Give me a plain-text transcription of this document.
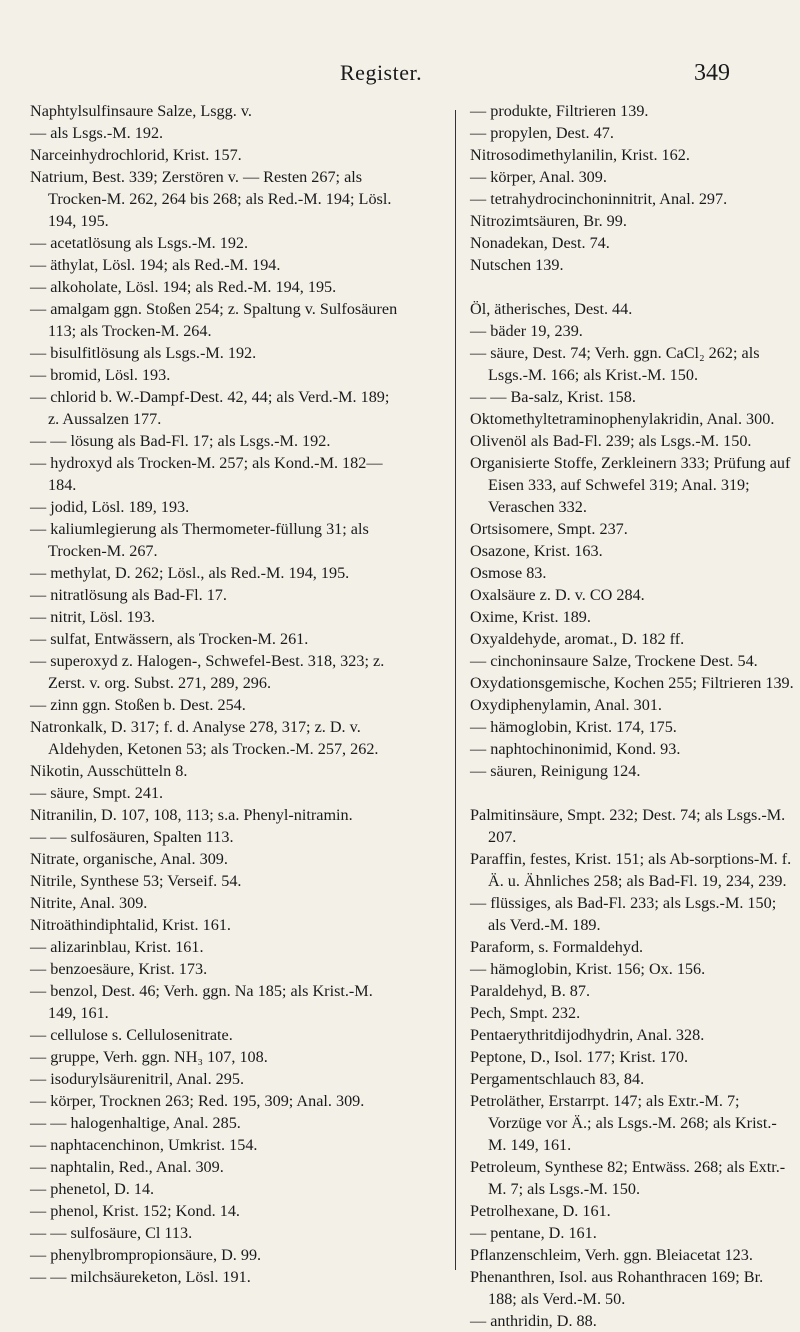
Register.	349

Naphtylsulfinsaure Salze, Lsgg. v.

— als Lsgs.-M. 192.

Narceinhydrochlorid, Krist. 157.

Natrium, Best. 339; Zerstören v. — Resten 267; als Trocken-M. 262, 264 bis 268; als Red.-M. 194; Lösl. 194, 195.

— acetatlösung als Lsgs.-M. 192.

— äthylat, Lösl. 194; als Red.-M. 194.

— alkoholate, Lösl. 194; als Red.-M. 194, 195.

— amalgam ggn. Stoßen 254; z. Spaltung v. Sulfosäuren 113; als Trocken-M. 264.

— bisulfitlösung als Lsgs.-M. 192.

— bromid, Lösl. 193.

— chlorid b. W.-Dampf-Dest. 42, 44; als Verd.-M. 189; z. Aussalzen 177.

— — lösung als Bad-Fl. 17; als Lsgs.-M. 192.

— hydroxyd als Trocken-M. 257; als Kond.-M. 182—184.

— jodid, Lösl. 189, 193.

— kaliumlegierung als Thermometer-füllung 31; als Trocken-M. 267.

— methylat, D. 262; Lösl., als Red.-M. 194, 195.

— nitratlösung als Bad-Fl. 17.

— nitrit, Lösl. 193.

— sulfat, Entwässern, als Trocken-M. 261.

— superoxyd z. Halogen-, Schwefel-Best. 318, 323; z. Zerst. v. org. Subst. 271, 289, 296.

— zinn ggn. Stoßen b. Dest. 254.

Natronkalk, D. 317; f. d. Analyse 278, 317; z. D. v. Aldehyden, Ketonen 53; als Trocken.-M. 257, 262.

Nikotin, Ausschütteln 8.

— säure, Smpt. 241.

Nitranilin, D. 107, 108, 113; s.a. Phenyl-nitramin.

— — sulfosäuren, Spalten 113.

Nitrate, organische, Anal. 309.

Nitrile, Synthese 53; Verseif. 54.

Nitrite, Anal. 309.

Nitroäthindiphtalid, Krist. 161.

— alizarinblau, Krist. 161.

— benzoesäure, Krist. 173.

— benzol, Dest. 46; Verh. ggn. Na 185; als Krist.-M. 149, 161.

— cellulose s. Cellulosenitrate.

— gruppe, Verh. ggn. NH₃ 107, 108.

— isodurylsäurenitril, Anal. 295.

— körper, Trocknen 263; Red. 195, 309; Anal. 309.

— — halogenhaltige, Anal. 285.

— naphtacenchinon, Umkrist. 154.

— naphtalin, Red., Anal. 309.

— phenetol, D. 14.

— phenol, Krist. 152; Kond. 14.

— — sulfosäure, Cl 113.

— phenylbrompropionsäure, D. 99.

— — milchsäureketon, Lösl. 191.

— produkte, Filtrieren 139.

— propylen, Dest. 47.

Nitrosodimethylanilin, Krist. 162.

— körper, Anal. 309.

— tetrahydrocinchoninnitrit, Anal. 297.

Nitrozimtsäuren, Br. 99.

Nonadekan, Dest. 74.

Nutschen 139.

Öl, ätherisches, Dest. 44.

— bäder 19, 239.

— säure, Dest. 74; Verh. ggn. CaCl₂ 262; als Lsgs.-M. 166; als Krist.-M. 150.

— — Ba-salz, Krist. 158.

Oktomethyltetraminophenylakridin, Anal. 300.

Olivenöl als Bad-Fl. 239; als Lsgs.-M. 150.

Organisierte Stoffe, Zerkleinern 333; Prüfung auf Eisen 333, auf Schwefel 319; Anal. 319; Veraschen 332.

Ortsisomere, Smpt. 237.

Osazone, Krist. 163.

Osmose 83.

Oxalsäure z. D. v. CO 284.

Oxime, Krist. 189.

Oxyaldehyde, aromat., D. 182 ff.

— cinchoninsaure Salze, Trockene Dest. 54.

Oxydationsgemische, Kochen 255; Filtrieren 139.

Oxydiphenylamin, Anal. 301.

— hämoglobin, Krist. 174, 175.

— naphtochinonimid, Kond. 93.

— säuren, Reinigung 124.

Palmitinsäure, Smpt. 232; Dest. 74; als Lsgs.-M. 207.

Paraffin, festes, Krist. 151; als Ab-sorptions-M. f. Ä. u. Ähnliches 258; als Bad-Fl. 19, 234, 239.

— flüssiges, als Bad-Fl. 233; als Lsgs.-M. 150; als Verd.-M. 189.

Paraform, s. Formaldehyd.

— hämoglobin, Krist. 156; Ox. 156.

Paraldehyd, B. 87.

Pech, Smpt. 232.

Pentaerythritdijodhydrin, Anal. 328.

Peptone, D., Isol. 177; Krist. 170.

Pergamentschlauch 83, 84.

Petroläther, Erstarrpt. 147; als Extr.-M. 7; Vorzüge vor Ä.; als Lsgs.-M. 268; als Krist.-M. 149, 161.

Petroleum, Synthese 82; Entwäss. 268; als Extr.-M. 7; als Lsgs.-M. 150.

Petrolhexane, D. 161.

— pentane, D. 161.

Pflanzenschleim, Verh. ggn. Bleiacetat 123.

Phenanthren, Isol. aus Rohanthracen 169; Br. 188; als Verd.-M. 50.

— anthridin, D. 88.
